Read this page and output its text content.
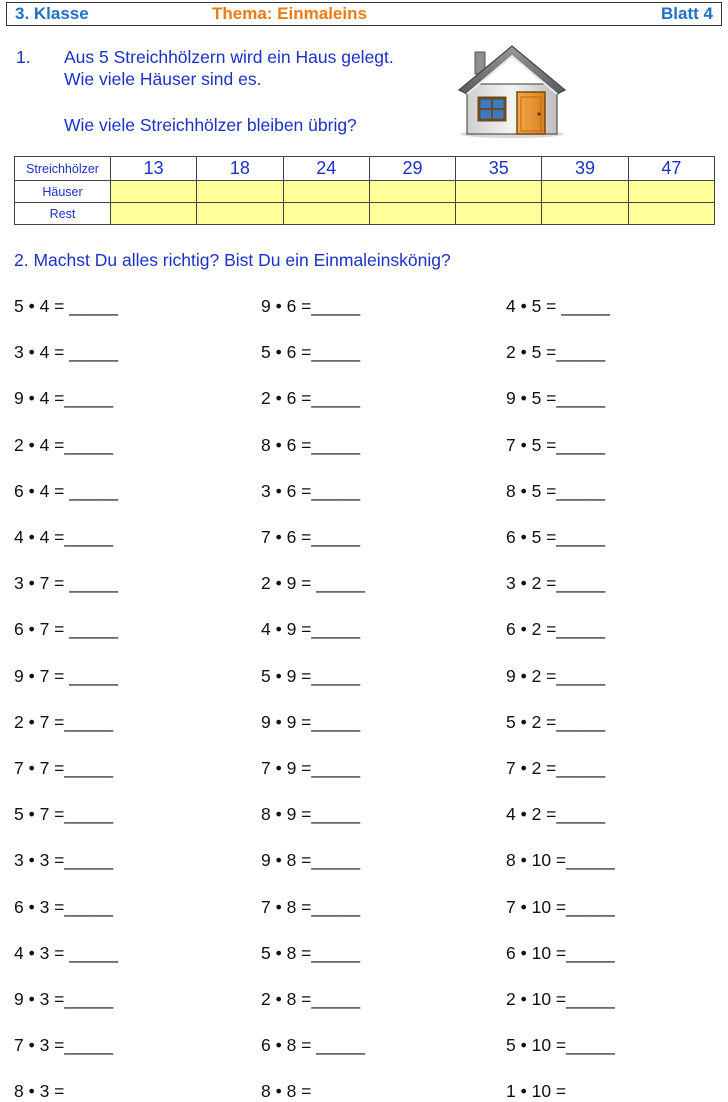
3. Klasse	Thema: Einmaleins	Blatt 4
1. Aus 5 Streichhölzern wird ein Haus gelegt.
Wie viele Häuser sind es.
Wie viele Streichhölzer bleiben übrig?
Streichhölzer	13	18	24	29	35	39	47
Häuser							
Rest							
2. Machst Du alles richtig? Bist Du ein Einmaleinskönig?
5 • 4 = _____
3 • 4 = _____
9 • 4 =_____
2 • 4 =_____
6 • 4 = _____
4 • 4 =_____
3 • 7 = _____
6 • 7 = _____
9 • 7 = _____
2 • 7 =_____
7 • 7 =_____
5 • 7 =_____
3 • 3 =_____
6 • 3 =_____
4 • 3 = _____
9 • 3 =_____
7 • 3 =_____
8 • 3 =
9 • 6 =_____
5 • 6 =_____
2 • 6 =_____
8 • 6 =_____
3 • 6 =_____
7 • 6 =_____
2 • 9 = _____
4 • 9 =_____
5 • 9 =_____
9 • 9 =_____
7 • 9 =_____
8 • 9 =_____
9 • 8 =_____
7 • 8 =_____
5 • 8 =_____
2 • 8 =_____
6 • 8 = _____
8 • 8 =
4 • 5 = _____
2 • 5 =_____
9 • 5 =_____
7 • 5 =_____
8 • 5 =_____
6 • 5 =_____
3 • 2 =_____
6 • 2 =_____
9 • 2 =_____
5 • 2 =_____
7 • 2 =_____
4 • 2 =_____
8 • 10 =_____
7 • 10 =_____
6 • 10 =_____
2 • 10 =_____
5 • 10 =_____
1 • 10 =
